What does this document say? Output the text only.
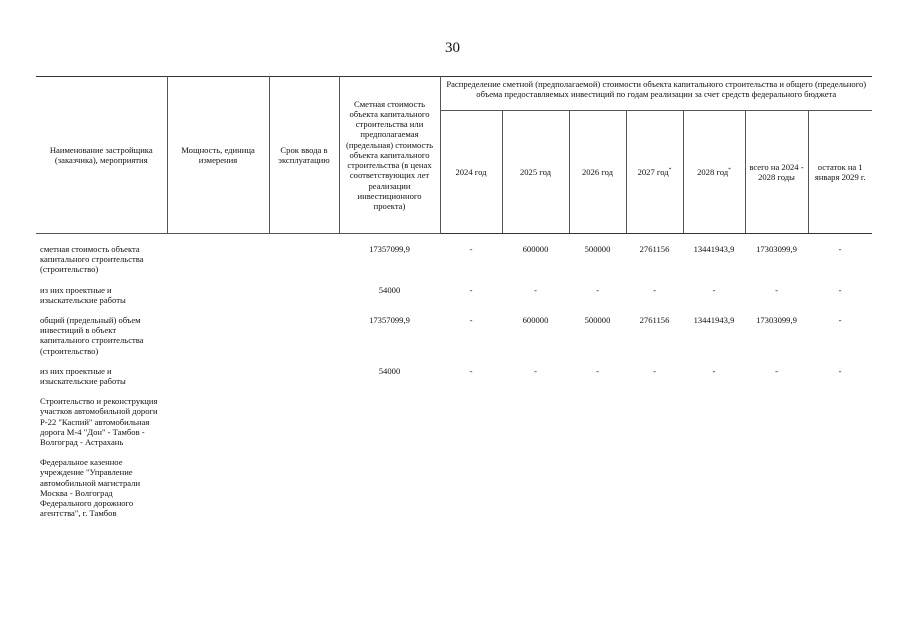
30
Наименование застройщика (заказчика), мероприятия	Мощность, единица измерения	Срок ввода в эксплуатацию	Сметная стоимость объекта капитального строительства или предполагаемая (предельная) стоимость объекта капитального строительства (в ценах соответствующих лет реализации инвестиционного проекта)	Распределение сметной (предполагаемой) стоимости объекта капитального строительства и общего (предельного) объема предоставляемых инвестиций по годам реализации за счет средств федерального бюджета						
				2024 год	2025 год	2026 год	2027 год*	2028 год*	всего на 2024 - 2028 годы	остаток на 1 января 2029 г.

сметная стоимость объекта капитального строительства (строительство)			17357099,9	-	600000	500000	2761156	13441943,9	17303099,9	-

из них проектные и изыскательские работы			54000	-	-	-	-	-	-	-

общий (предельный) объем инвестиций в объект капитального строительства (строительство)			17357099,9	-	600000	500000	2761156	13441943,9	17303099,9	-

из них проектные и изыскательские работы			54000	-	-	-	-	-	-	-

Строительство и реконструкция участков автомобильной дороги Р-22 "Каспий" автомобильная дорога М-4 "Дон" - Тамбов - Волгоград - Астрахань										

Федеральное казенное учреждение "Управление автомобильной магистрали Москва - Волгоград Федерального дорожного агентства", г. Тамбов										
